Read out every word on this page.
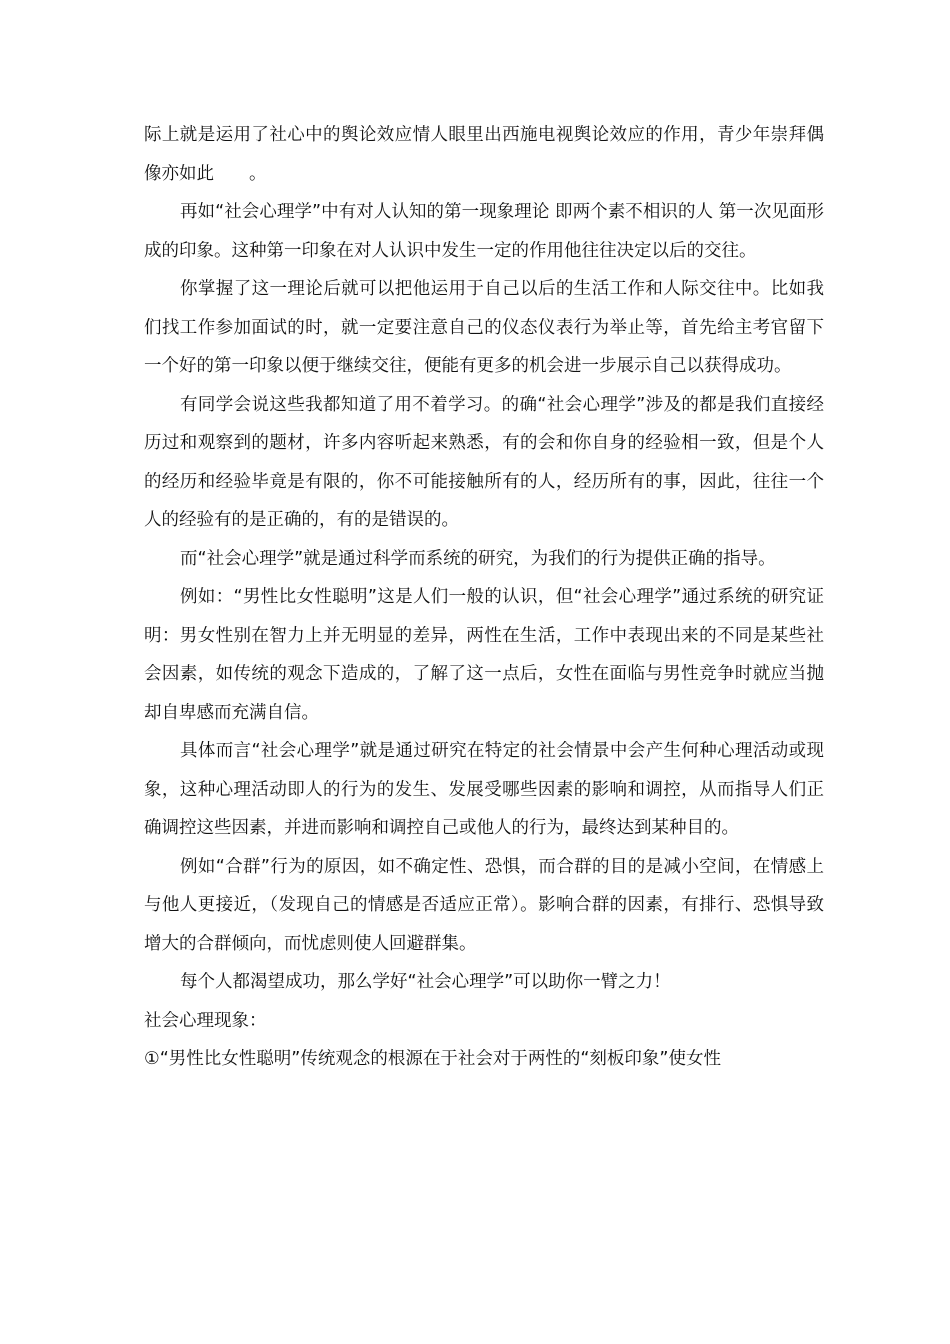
际上就是运用了社心中的舆论效应情人眼里出西施电视舆论效应的作用，青少年崇拜偶像亦如此　　。

再如“社会心理学”中有对人认知的第一现象理论 即两个素不相识的人 第一次见面形成的印象。这种第一印象在对人认识中发生一定的作用他往往决定以后的交往。

你掌握了这一理论后就可以把他运用于自己以后的生活工作和人际交往中。比如我们找工作参加面试的时，就一定要注意自己的仪态仪表行为举止等，首先给主考官留下一个好的第一印象以便于继续交往，便能有更多的机会进一步展示自己以获得成功。

有同学会说这些我都知道了用不着学习。的确“社会心理学”涉及的都是我们直接经历过和观察到的题材，许多内容听起来熟悉，有的会和你自身的经验相一致，但是个人的经历和经验毕竟是有限的，你不可能接触所有的人，经历所有的事，因此，往往一个人的经验有的是正确的，有的是错误的。

而“社会心理学”就是通过科学而系统的研究，为我们的行为提供正确的指导。

例如：“男性比女性聪明”这是人们一般的认识，但“社会心理学”通过系统的研究证明：男女性别在智力上并无明显的差异，两性在生活，工作中表现出来的不同是某些社会因素，如传统的观念下造成的，了解了这一点后，女性在面临与男性竞争时就应当抛却自卑感而充满自信。

具体而言“社会心理学”就是通过研究在特定的社会情景中会产生何种心理活动或现象，这种心理活动即人的行为的发生、发展受哪些因素的影响和调控，从而指导人们正确调控这些因素，并进而影响和调控自己或他人的行为，最终达到某种目的。

例如“合群”行为的原因，如不确定性、恐惧，而合群的目的是减小空间，在情感上与他人更接近，（发现自己的情感是否适应正常）。影响合群的因素，有排行、恐惧导致增大的合群倾向，而忧虑则使人回避群集。

每个人都渴望成功，那么学好“社会心理学”可以助你一臂之力！

社会心理现象：

①“男性比女性聪明”传统观念的根源在于社会对于两性的“刻板印象”使女性
